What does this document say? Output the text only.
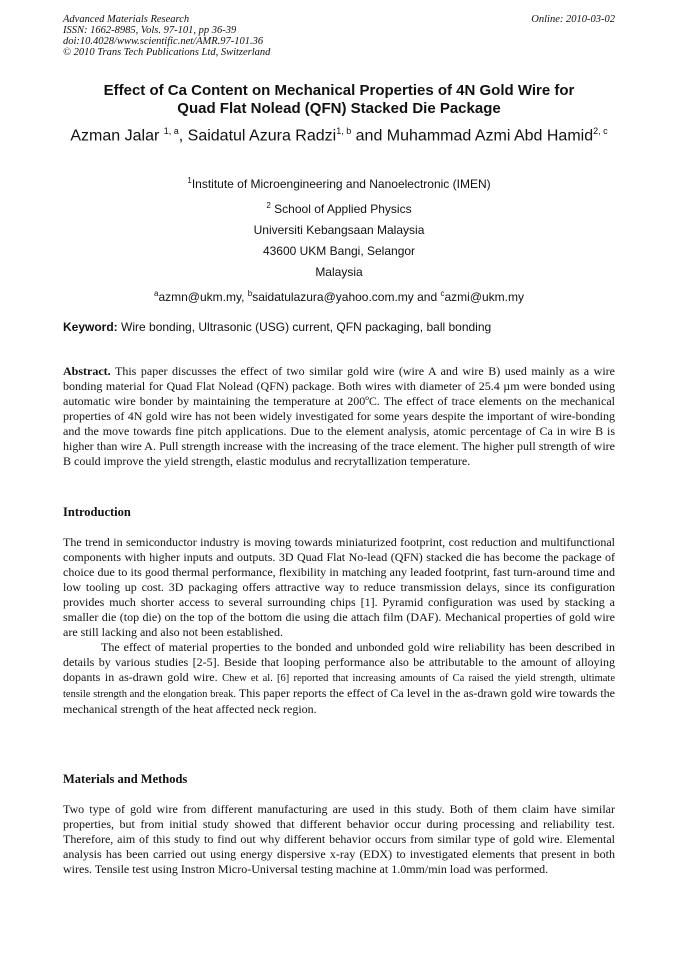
Advanced Materials Research
ISSN: 1662-8985, Vols. 97-101, pp 36-39
doi:10.4028/www.scientific.net/AMR.97-101.36
© 2010 Trans Tech Publications Ltd, Switzerland
Online: 2010-03-02
Effect of Ca Content on Mechanical Properties of 4N Gold Wire for
Quad Flat Nolead (QFN) Stacked Die Package
Azman Jalar $^{1, a}$, Saidatul Azura Radzi$^{1, b}$ and Muhammad Azmi Abd Hamid$^{2, c}$
$^1$Institute of Microengineering and Nanoelectronic (IMEN)
$^2$ School of Applied Physics
Universiti Kebangsaan Malaysia
43600 UKM Bangi, Selangor
Malaysia
$^a$azmn@ukm.my, $^b$saidatulazura@yahoo.com.my and $^c$azmi@ukm.my
Keyword: Wire bonding, Ultrasonic (USG) current, QFN packaging, ball bonding

Abstract. This paper discusses the effect of two similar gold wire (wire A and wire B) used mainly as a wire bonding material for Quad Flat Nolead (QFN) package. Both wires with diameter of 25.4 µm were bonded using automatic wire bonder by maintaining the temperature at 200ºC. The effect of trace elements on the mechanical properties of 4N gold wire has not been widely investigated for some years despite the important of wire-bonding and the move towards fine pitch applications. Due to the element analysis, atomic percentage of Ca in wire B is higher than wire A. Pull strength increase with the increasing of the trace element. The higher pull strength of wire B could improve the yield strength, elastic modulus and recrytallization temperature.

Introduction

The trend in semiconductor industry is moving towards miniaturized footprint, cost reduction and multifunctional components with higher inputs and outputs. 3D Quad Flat No-lead (QFN) stacked die has become the package of choice due to its good thermal performance, flexibility in matching any leaded footprint, fast turn-around time and low tooling up cost. 3D packaging offers attractive way to reduce transmission delays, since its configuration provides much shorter access to several surrounding chips [1]. Pyramid configuration was used by stacking a smaller die (top die) on the top of the bottom die using die attach film (DAF). Mechanical properties of gold wire are still lacking and also not been established.

The effect of material properties to the bonded and unbonded gold wire reliability has been described in details by various studies [2-5]. Beside that looping performance also be attributable to the amount of alloying dopants in as-drawn gold wire. Chew et al. [6] reported that increasing amounts of Ca raised the yield strength, ultimate tensile strength and the elongation break. This paper reports the effect of Ca level in the as-drawn gold wire towards the mechanical strength of the heat affected neck region.

Materials and Methods

Two type of gold wire from different manufacturing are used in this study. Both of them claim have similar properties, but from initial study showed that different behavior occur during processing and reliability test. Therefore, aim of this study to find out why different behavior occurs from similar type of gold wire. Elemental analysis has been carried out using energy dispersive x-ray (EDX) to investigated elements that present in both wires. Tensile test using Instron Micro-Universal testing machine at 1.0mm/min load was performed.
